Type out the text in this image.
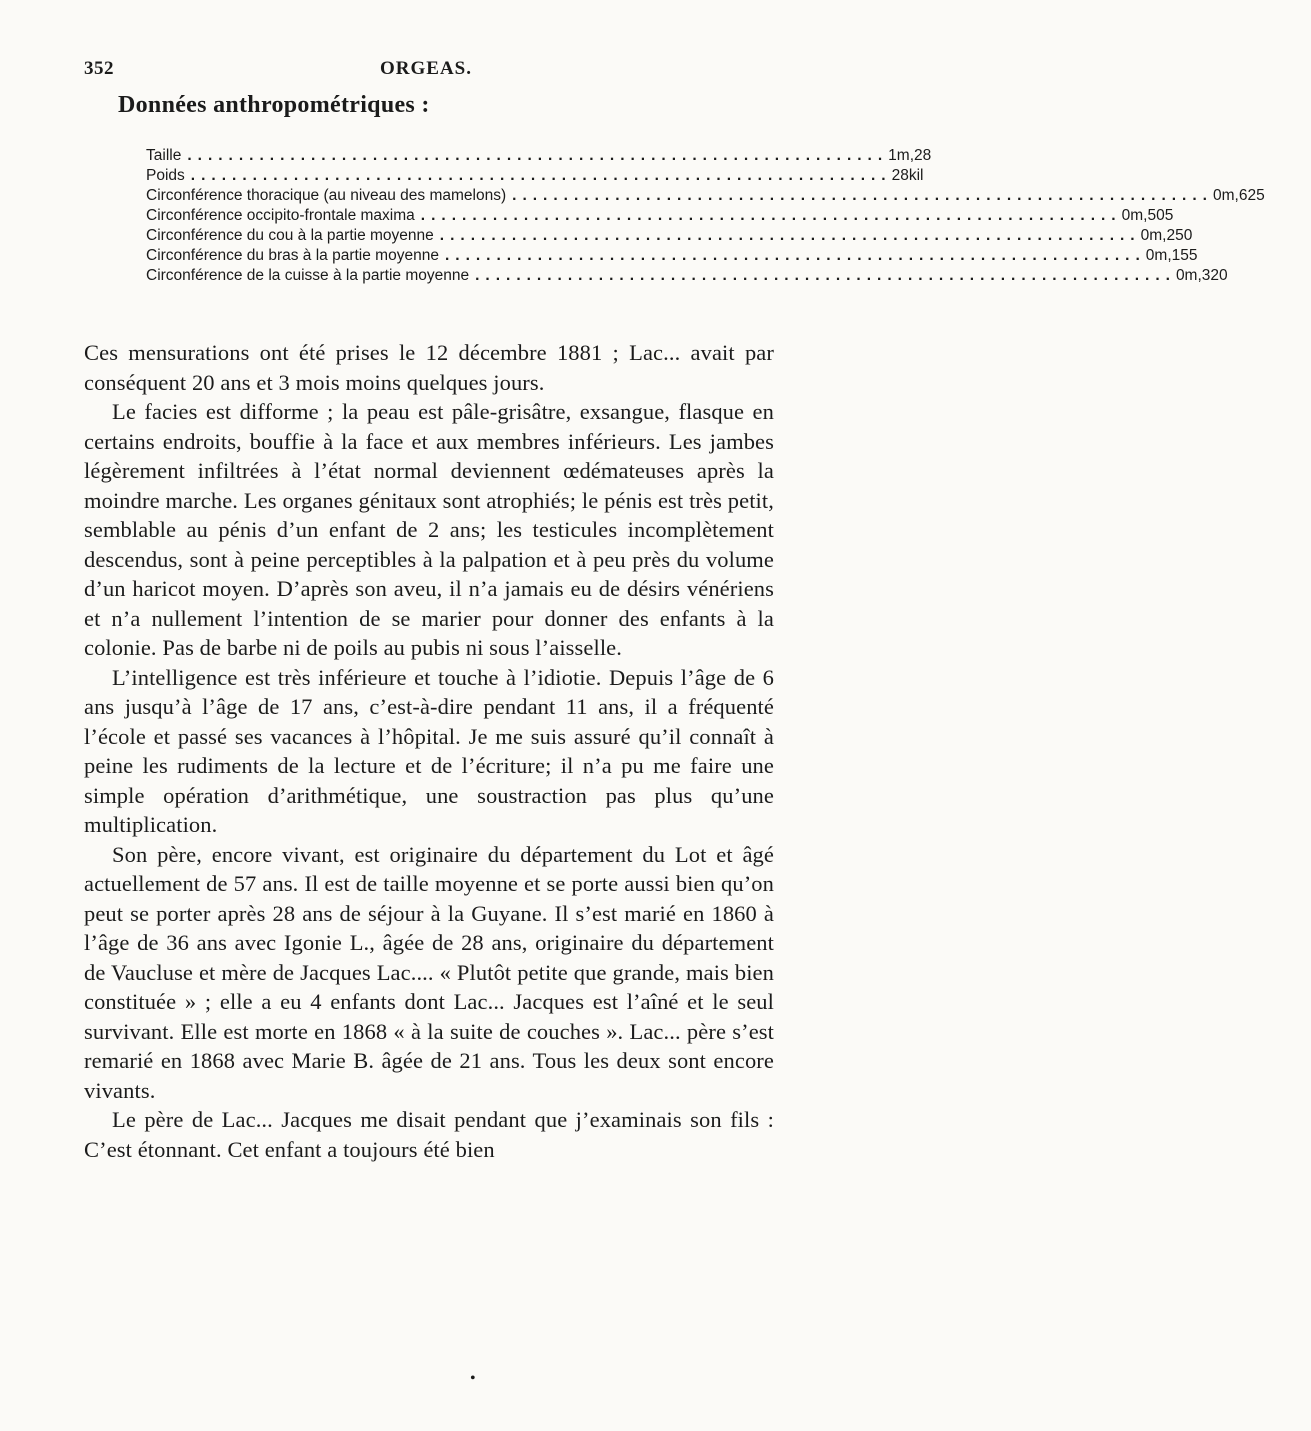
352	ORGEAS.
Données anthropométriques :
Taille .................................................................... 1m,28
Poids .................................................................... 28kil
Circonférence thoracique (au niveau des mamelons) .................................................................... 0m,625
Circonférence occipito-frontale maxima .................................................................... 0m,505
Circonférence du cou à la partie moyenne .................................................................... 0m,250
Circonférence du bras à la partie moyenne .................................................................... 0m,155
Circonférence de la cuisse à la partie moyenne .................................................................... 0m,320

Ces mensurations ont été prises le 12 décembre 1881 ; Lac... avait par conséquent 20 ans et 3 mois moins quelques jours.

Le facies est difforme ; la peau est pâle-grisâtre, exsangue, flasque en certains endroits, bouffie à la face et aux membres inférieurs. Les jambes légèrement infiltrées à l’état normal deviennent œdémateuses après la moindre marche. Les organes génitaux sont atrophiés; le pénis est très petit, semblable au pénis d’un enfant de 2 ans; les testicules incomplètement descendus, sont à peine perceptibles à la palpation et à peu près du volume d’un haricot moyen. D’après son aveu, il n’a jamais eu de désirs vénériens et n’a nullement l’intention de se marier pour donner des enfants à la colonie. Pas de barbe ni de poils au pubis ni sous l’aisselle.

L’intelligence est très inférieure et touche à l’idiotie. Depuis l’âge de 6 ans jusqu’à l’âge de 17 ans, c’est-à-dire pendant 11 ans, il a fréquenté l’école et passé ses vacances à l’hôpital. Je me suis assuré qu’il connaît à peine les rudiments de la lecture et de l’écriture; il n’a pu me faire une simple opération d’arithmétique, une soustraction pas plus qu’une multiplication.

Son père, encore vivant, est originaire du département du Lot et âgé actuellement de 57 ans. Il est de taille moyenne et se porte aussi bien qu’on peut se porter après 28 ans de séjour à la Guyane. Il s’est marié en 1860 à l’âge de 36 ans avec Igonie L., âgée de 28 ans, originaire du département de Vaucluse et mère de Jacques Lac.... « Plutôt petite que grande, mais bien constituée » ; elle a eu 4 enfants dont Lac... Jacques est l’aîné et le seul survivant. Elle est morte en 1868 « à la suite de couches ». Lac... père s’est remarié en 1868 avec Marie B. âgée de 21 ans. Tous les deux sont encore vivants.

Le père de Lac... Jacques me disait pendant que j’examinais son fils : C’est étonnant. Cet enfant a toujours été bien

•
